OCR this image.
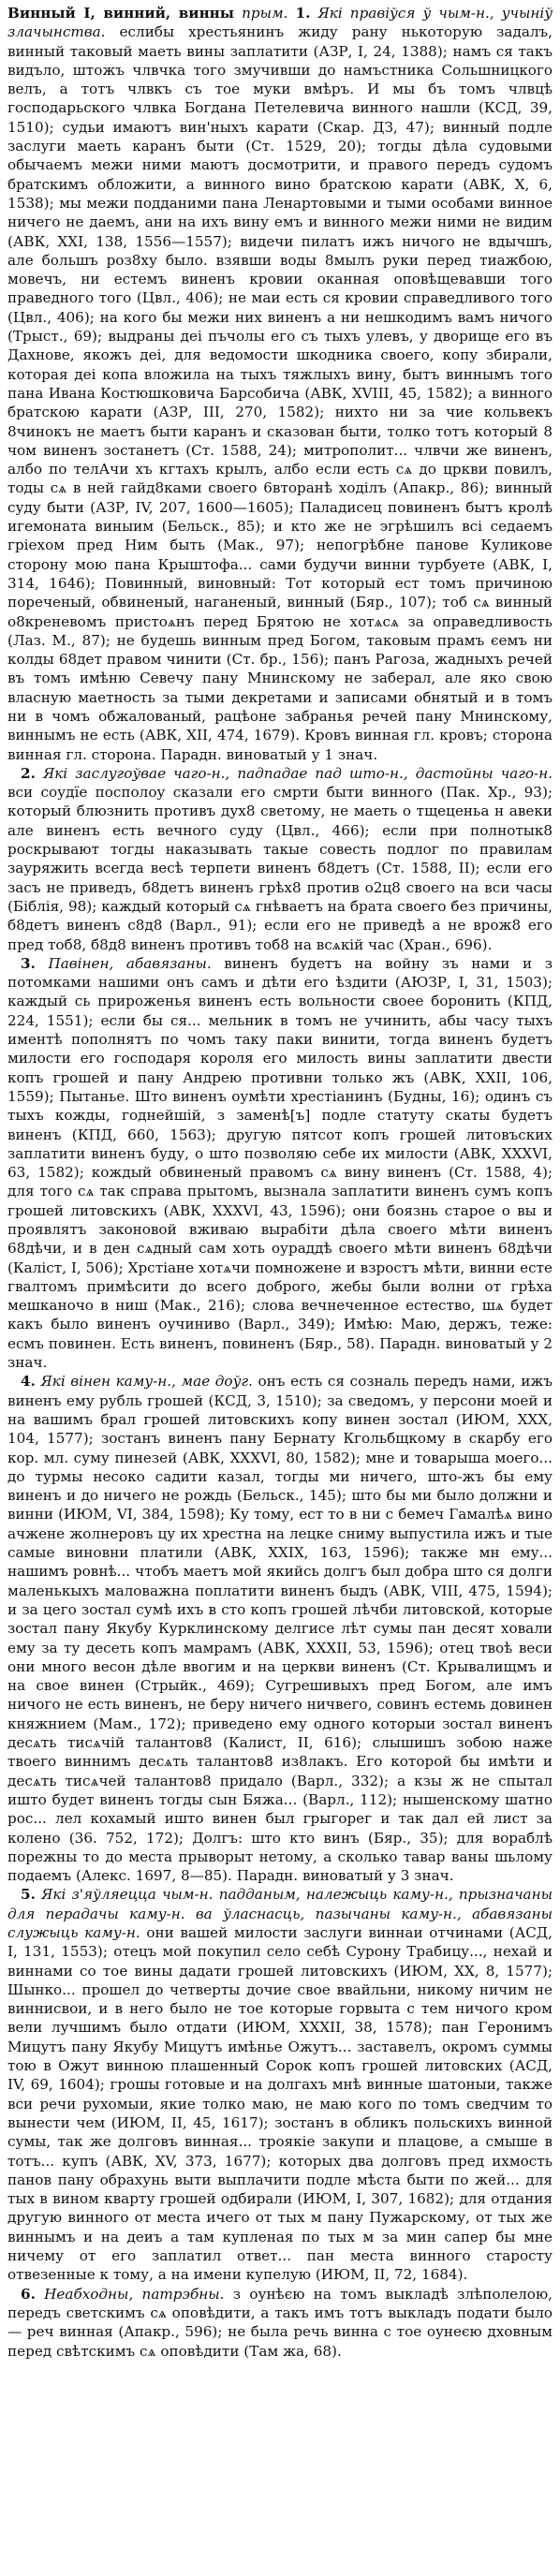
Винный I, винний, винны прым. 1. Які правіўся ў чым-н., учыніў злачынства. еслибы хрестьянинъ жиду рану нькоторую задалъ, винный таковый маеть вины заплатити (АЗР, I, 24, 1388); намъ ся такъ видъло, штожъ члвчка того змучивши до намъстника Сольшницкого велъ, а тотъ члвкъ съ тое муки вмѣръ. И мы бъ томъ члвцѣ господарьского члвка Богдана Петелевича винного нашли (КСД, 39, 1510); судьи имаютъ вин'ныхъ карати (Скар. ДЗ, 47); винный подле заслуги маеть каранъ быти (Ст. 1529, 20); тогды дѣла судовыми обычаемъ межи ними маютъ досмотрити, и правого передъ судомъ братскимъ обложити, а винного вино братскою карати (АВК, X, 6, 1538); мы межи подданими пана Ленартовыми и тыми особами винное ничего не даемъ, ани на ихъ вину емъ и винного межи ними не видим (АВК, XXI, 138, 1556—1557); видечи пилатъ ижъ ничого не вдычшъ, але большъ роз8ху было. взявши воды 8мылъ руки перед тиажбою, мовечъ, ни естемъ виненъ кровии оканная оповѣщевавши того праведного того (Цвл., 406); не маи есть ся кровии справедливого того (Цвл., 406); на кого бы межи них виненъ а ни нешкодимъ вамъ ничого (Трыст., 69); выдраны деі пъчолы его съ тыхъ улевъ, у дворище его въ Дахнове, якожъ деі, для ведомости шкодника своего, копу збирали, которая деі копа вложила на тыхъ тяжлыхъ вину, бытъ виннымъ того пана Ивана Костюшковича Барсобича (АВК, XVIII, 45, 1582); а винного братскою карати (АЗР, III, 270, 1582); нихто ни за чие кольвекъ 8чинокъ не маетъ быти каранъ и сказован быти, толко тотъ который 8 чом виненъ зостанетъ (Ст. 1588, 24); митрополит... члвчи же виненъ, албо по телАчи хъ кгтахъ крылъ, албо если есть сѧ до цркви повилъ, тоды сѧ в ней гайд8ками своего 6вторанѣ ходілъ (Апакр., 86); винный суду быти (АЗР, IV, 207, 1600—1605); Паладисец повиненъ бытъ кролѣ игемоната виныим (Бельск., 85); и кто же не эгрѣшилъ всі седаемъ гріехом пред Ним быть (Мак., 97); непогрѣбне панове Куликове сторону мою пана Крыштофа... сами будучи винни турбуете (АВК, I, 314, 1646); Повинный, виновный: Тот который ест томъ причиною пореченый, обвиненый, наганеный, винный (Бяр., 107); тоб сѧ винный о8креневомъ пристоѧнъ перед Брятою не хотѧсѧ за оправедливость (Лаз. М., 87); не будешь винным пред Богом, таковым прамъ єемъ ни колды 68дет правом чинити (Ст. бр., 156); панъ Рагоза, жадныхъ речей въ томъ имѣню Севечу пану Мнинскому не заберал, але яко свою власную маетность за тыми декретами и записами обнятый и в томъ ни в чомъ обжалованый, рацѣоне забранья речей пану Мнинскому, виннымъ не есть (АВК, XII, 474, 1679). Кровъ винная гл. кровъ; сторона винная гл. сторона. Парадн. виноватый у 1 знач.

2. Які заслугоўвае чаго-н., падпадае пад што-н., дастойны чаго-н. вси соудїе посполоу сказали его смрти быти винного (Пак. Хр., 93); который блюзнить противъ дух8 светому, не маеть о тщеценьа н авеки але виненъ есть вечного суду (Цвл., 466); если при полнотык8 роскрывают тогды наказывать такые совесть подлог по правилам зауряжить всегда весѣ терпети виненъ б8детъ (Ст. 1588, II); если его засъ не приведъ, б8детъ виненъ грѣх8 против о2ц8 своего на вси часы (Біблія, 98); каждый который сѧ гнѣваетъ на брата своего без причины, б8детъ виненъ с8д8 (Варл., 91); если его не приведѣ а не врож8 его пред тоб8, б8д8 виненъ противъ тоб8 на всѧкій час (Хран., 696).

3. Павінен, абавязаны. виненъ будетъ на войну зъ нами и з потомками нашими онъ самъ и дѣти его ѣздити (АЮЗР, I, 31, 1503); каждый сь прироженья виненъ есть вольности своее боронить (КПД, 224, 1551); если бы ся... мельник в томъ не учинить, абы часу тыхъ иментѣ пополнятъ по чомъ таку паки винити, тогда виненъ будетъ милости его господаря короля его милость вины заплатити двести копъ грошей и пану Андрею противни только жъ (АВК, XXII, 106, 1559); Пытанье. Што виненъ оумѣти хрестіанинъ (Будны, 16); одинъ съ тыхъ кожды, годнейшій, з заменѣ[ъ] подле статуту скаты будетъ виненъ (КПД, 660, 1563); другую пятсот копъ грошей литовъских заплатити виненъ буду, о што позволяю себе их милости (АВК, XXXVI, 63, 1582); кождый обвиненый правомъ сѧ вину виненъ (Ст. 1588, 4); для того сѧ так справа прытомъ, вызнала заплатити виненъ сумъ копъ грошей литовскихъ (АВК, XXXVI, 43, 1596); они боязнь старое о вы и проявлятъ законовой вживаю вырабіти дѣла своего мѣти виненъ 68дѣчи, и в ден сѧдный сам хоть оураддѣ своего мѣти виненъ 68дѣчи (Калiст, I, 506); Хрстiане хотѧчи помножене и взростъ мѣти, винни есте гвалтомъ примѣсити до всего доброго, жебы были волни от грѣха мешканочо в ниш (Мак., 216); слова вечнеченное естество, шѧ будет какъ было виненъ оучиниво (Варл., 349); Имѣю: Маю, держъ, теже: есмъ повинен. Есть виненъ, повиненъ (Бяр., 58). Парадн. виноватый у 2 знач.

4. Які вінен каму-н., мае доўг. онъ есть ся созналь передъ нами, ижъ виненъ ему рубль грошей (КСД, 3, 1510); за сведомъ, у персони моей и на вашимъ брал грошей литовскихъ копу винен зостал (ИЮМ, XXX, 104, 1577); зостанъ виненъ пану Бернату Кгольбщкому в скарбу его кор. мл. суму пинезей (АВК, XXXVI, 80, 1582); мне и товарыша моего... до турмы несоко садити казал, тогды ми ничего, што-жъ бы ему виненъ и до ничего не рождь (Бельск., 145); што бы ми было должни и винни (ИЮМ, VI, 384, 1598); Ку тому, ест то в ни с бемеч Гамалѣѧ вино ачжене жолнеровъ цу их хрестна на лецке сниму выпустила ижъ и тые самые виновни платили (АВК, XXIX, 163, 1596); также мн ему... нашимъ ровнѣ... чтобъ маетъ мой якийсь долгъ был добра што ся долги маленькыхъ маловажна поплатити виненъ быдъ (АВК, VIII, 475, 1594); и за цего зостал сумѣ ихъ в сто копъ грошей лѣчби литовской, которые зостал пану Якубу Курклинскому делгисе лѣт сумы пан десят ховали ему за ту десеть копъ мамрамъ (АВК, XXXII, 53, 1596); отец твоѣ веси они много весон дѣле ввогим и на церкви виненъ (Ст. Крывалищмъ и на свое винен (Стрыйк., 469); Сугрешивыхъ пред Богом, але имъ ничого не есть виненъ, не беру ничего ничвего, совинъ естемь довинен княжнием (Мам., 172); приведено ему одного которыи зостал виненъ десѧть тисѧчій талантов8 (Калист, II, 616); слышишъ зобою наже твоего виннимъ десѧть талантов8 из8лакъ. Его которой бы имѣти и десѧть тисѧчей талантов8 придало (Варл., 332); а кзы ж не спытал ишто будет виненъ тогды сын Бяжа... (Варл., 112); нышенскому шатно рос... лел кохамый ишто винен был грыгорег и так дал ей лист за колено (36. 752, 172); Долгъ: што кто винъ (Бяр., 35); для вораблѣ порежны то до места прыворыт нетому, а сколько тавар ваны шьлому подаемъ (Алекс. 1697, 8—85). Парадн. виноватый у 3 знач.

5. Які з'яўляецца чым-н. падданым, належыць каму-н., прызначаны для перадачы каму-н. ва ўласнасць, пазычаны каму-н., абавязаны служыць каму-н. они вашей милости заслуги виннаи отчинами (АСД, I, 131, 1553); отецъ мой покупил село себѣ Сурону Трабицу..., нехай и виннами со тое вины дадати грошей литовскихъ (ИЮМ, XX, 8, 1577); Шынко... прошел до четверты дочие свое ввайльни, никому ничим не виннисвои, и в него было не тое которые горвыта с тем ничого кром вели лучшимъ было отдати (ИЮМ, XXXII, 38, 1578); пан Геронимъ Мицутъ пану Якубу Мицутъ имѣнье Ожутъ... заставелъ, окромъ суммы тою в Ожут винною плашенный Сорок копъ грошей литовских (АСД, IV, 69, 1604); грошы готовые и на долгахъ мнѣ винные шатоныи, также вси речи рухомыи, якие толко маю, не маю кого по томъ сведчим то вынести чем (ИЮМ, II, 45, 1617); зостанъ в обликъ польскихъ винной сумы, так же долговъ винная... троякіе закупи и плацове, а смыше в тотъ... купъ (АВК, XV, 373, 1677); которых два долговъ пред ихмость панов пану обрахунь выти выплачити подле мѣста быти по жей... для тых в вином кварту грошей одбирали (ИЮМ, I, 307, 1682); для отдания другую винного от места ичего от тых м пану Пужарскому, от тых же виннымъ и на деиъ а там купленая по тых м за мин сапер бы мне ничему от его заплатил ответ... пан места винного старосту отвезенные к тому, а на имени купелую (ИЮМ, II, 72, 1684).

6. Неабходны, патрэбны. з оунѣєю на томъ выкладѣ злѣполелою, передъ светскимъ сѧ оповѣдити, а такъ имъ тотъ выкладъ подати было — реч винная (Апакр., 596); не была речь винна с тое оунеєю дховным перед свѣтскимъ сѧ оповѣдити (Там жа, 68).
